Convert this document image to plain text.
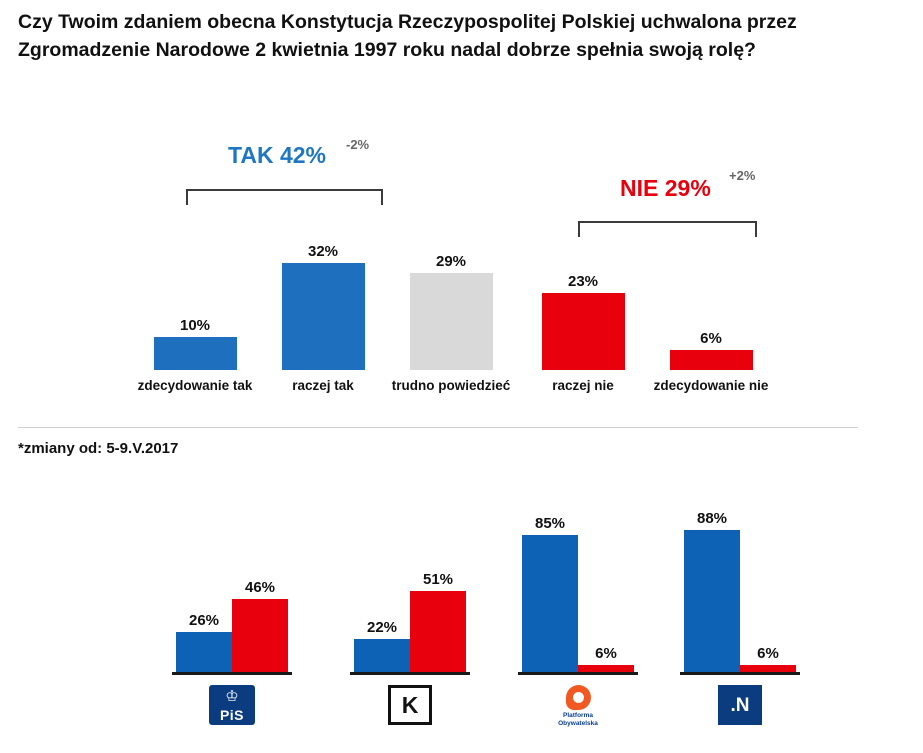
Czy Twoim zdaniem obecna Konstytucja Rzeczypospolitej Polskiej uchwalona przez Zgromadzenie Narodowe 2 kwietnia 1997 roku nadal dobrze spełnia swoją rolę?
TAK 42% -2%
NIE 29% +2%
10%
zdecydowanie tak
32%
raczej tak
29%
trudno powiedzieć
23%
raczej nie
6%
zdecydowanie nie
*zmiany od: 5-9.V.2017
26%
46%
♔
PiS
22%
51%
K
85%
6%
Platforma
Obywatelska
88%
6%
.N
